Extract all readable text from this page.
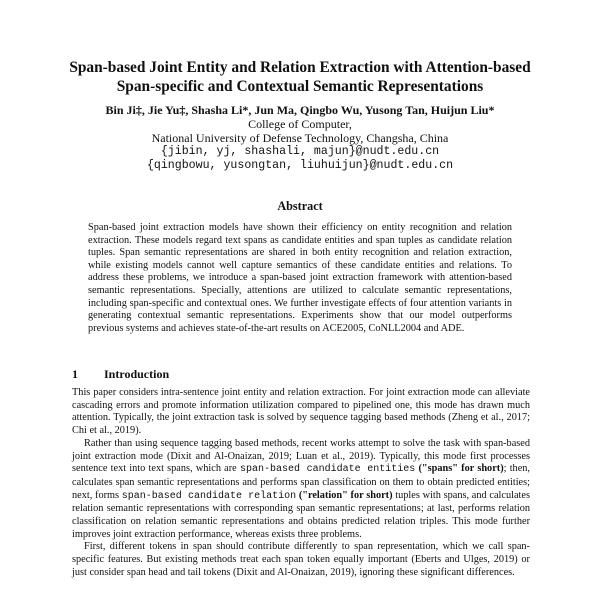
Span-based Joint Entity and Relation Extraction with Attention-based
Span-specific and Contextual Semantic Representations
Bin Ji‡, Jie Yu‡, Shasha Li*, Jun Ma, Qingbo Wu, Yusong Tan, Huijun Liu*
College of Computer,
National University of Defense Technology, Changsha, China
{jibin, yj, shashali, majun}@nudt.edu.cn
{qingbowu, yusongtan, liuhuijun}@nudt.edu.cn
Abstract
Span-based joint extraction models have shown their efficiency on entity recognition and relation extraction. These models regard text spans as candidate entities and span tuples as candidate relation tuples. Span semantic representations are shared in both entity recognition and relation extraction, while existing models cannot well capture semantics of these candidate entities and relations. To address these problems, we introduce a span-based joint extraction framework with attention-based semantic representations. Specially, attentions are utilized to calculate semantic representations, including span-specific and contextual ones. We further investigate effects of four attention variants in generating contextual semantic representations. Experiments show that our model outperforms previous systems and achieves state-of-the-art results on ACE2005, CoNLL2004 and ADE.
1 Introduction

This paper considers intra-sentence joint entity and relation extraction. For joint extraction mode can alleviate cascading errors and promote information utilization compared to pipelined one, this mode has drawn much attention. Typically, the joint extraction task is solved by sequence tagging based methods (Zheng et al., 2017; Chi et al., 2019).

Rather than using sequence tagging based methods, recent works attempt to solve the task with span-based joint extraction mode (Dixit and Al-Onaizan, 2019; Luan et al., 2019). Typically, this mode first processes sentence text into text spans, which are span-based candidate entities ("spans" for short); then, calculates span semantic representations and performs span classification on them to obtain predicted entities; next, forms span-based candidate relation ("relation" for short) tuples with spans, and calculates relation semantic representations with corresponding span semantic representations; at last, performs relation classification on relation semantic representations and obtains predicted relation triples. This mode further improves joint extraction performance, whereas exists three problems.

First, different tokens in span should contribute differently to span representation, which we call span-specific features. But existing methods treat each span token equally important (Eberts and Ulges, 2019) or just consider span head and tail tokens (Dixit and Al-Onaizan, 2019), ignoring these significant differences.
